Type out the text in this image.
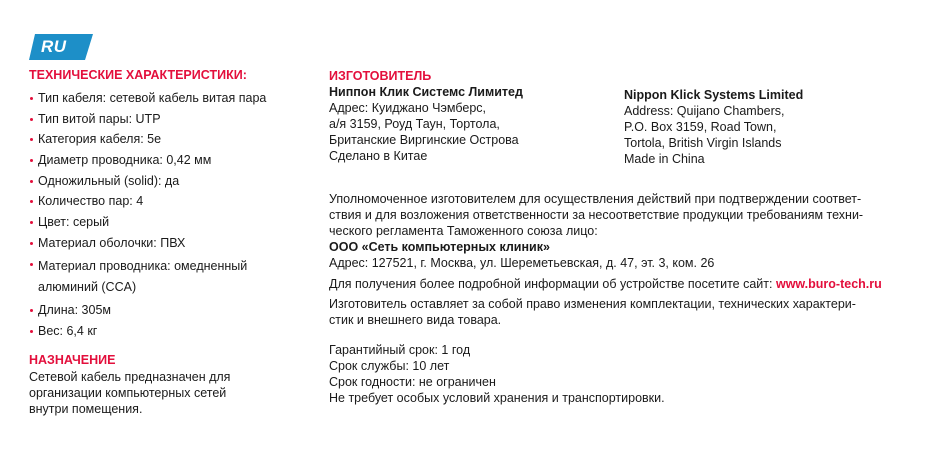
RU
ТЕХНИЧЕСКИЕ ХАРАКТЕРИСТИКИ:
Тип кабеля: сетевой кабель витая пара
Тип витой пары: UTP
Категория кабеля: 5e
Диаметр проводника: 0,42 мм
Одножильный (solid): да
Количество пар: 4
Цвет: серый
Материал оболочки: ПВХ
Материал проводника: омедненный
алюминий (CCA)
Длина: 305м
Вес: 6,4 кг
НАЗНАЧЕНИЕ
Сетевой кабель предназначен для
организации компьютерных сетей
внутри помещения.
ИЗГОТОВИТЕЛЬ
Ниппон Клик Системс Лимитед
Адрес: Куиджано Чэмберс,
а/я 3159, Роуд Таун, Тортола,
Британские Виргинские Острова
Сделано в Китае
Nippon Klick Systems Limited
Address: Quijano Chambers,
P.O. Box 3159, Road Town,
Tortola, British Virgin Islands
Made in China
Уполномоченное изготовителем для осуществления действий при подтверждении соответ-
ствия и для возложения ответственности за несоответствие продукции требованиям техни-
ческого регламента Таможенного союза лицо:
ООО «Сеть компьютерных клиник»
Адрес: 127521, г. Москва, ул. Шереметьевская, д. 47, эт. 3, ком. 26
Для получения более подробной информации об устройстве посетите сайт: www.buro-tech.ru
Изготовитель оставляет за собой право изменения комплектации, технических характери-
стик и внешнего вида товара.
Гарантийный срок: 1 год
Срок службы: 10 лет
Срок годности: не ограничен
Не требует особых условий хранения и транспортировки.
